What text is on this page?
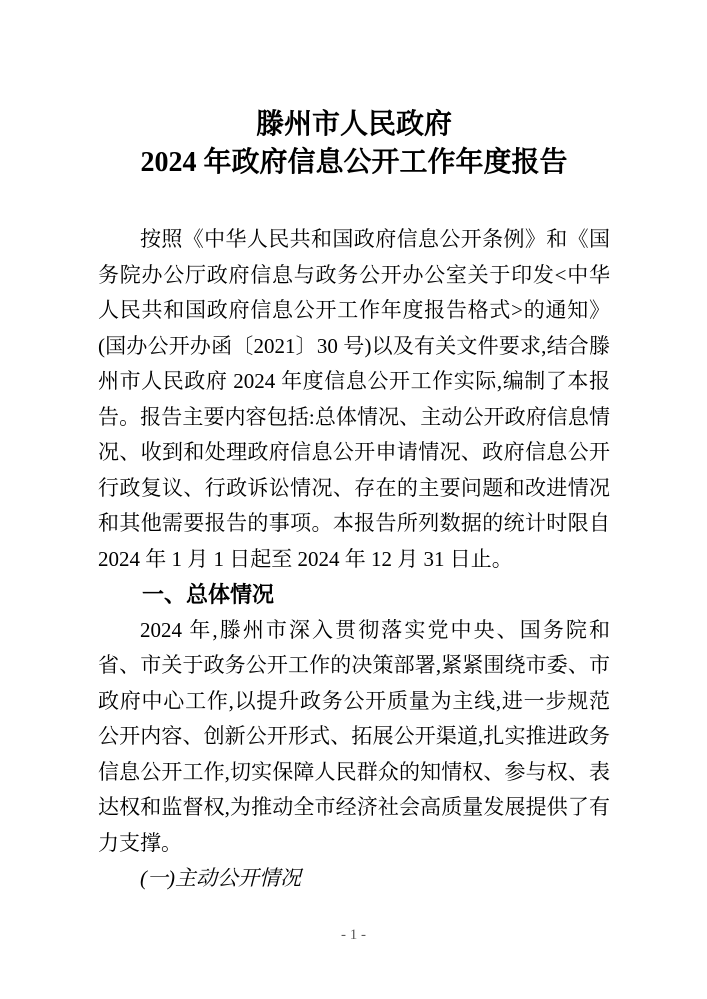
滕州市人民政府
2024 年政府信息公开工作年度报告

按照《中华人民共和国政府信息公开条例》和《国务院办公厅政府信息与政务公开办公室关于印发<中华人民共和国政府信息公开工作年度报告格式>的通知》(国办公开办函〔2021〕30 号)以及有关文件要求,结合滕州市人民政府 2024 年度信息公开工作实际,编制了本报告。报告主要内容包括:总体情况、主动公开政府信息情况、收到和处理政府信息公开申请情况、政府信息公开行政复议、行政诉讼情况、存在的主要问题和改进情况和其他需要报告的事项。本报告所列数据的统计时限自 2024 年 1 月 1 日起至 2024 年 12 月 31 日止。

一、总体情况

2024 年,滕州市深入贯彻落实党中央、国务院和省、市关于政务公开工作的决策部署,紧紧围绕市委、市政府中心工作,以提升政务公开质量为主线,进一步规范公开内容、创新公开形式、拓展公开渠道,扎实推进政务信息公开工作,切实保障人民群众的知情权、参与权、表达权和监督权,为推动全市经济社会高质量发展提供了有力支撑。

(一)主动公开情况
- 1 -
